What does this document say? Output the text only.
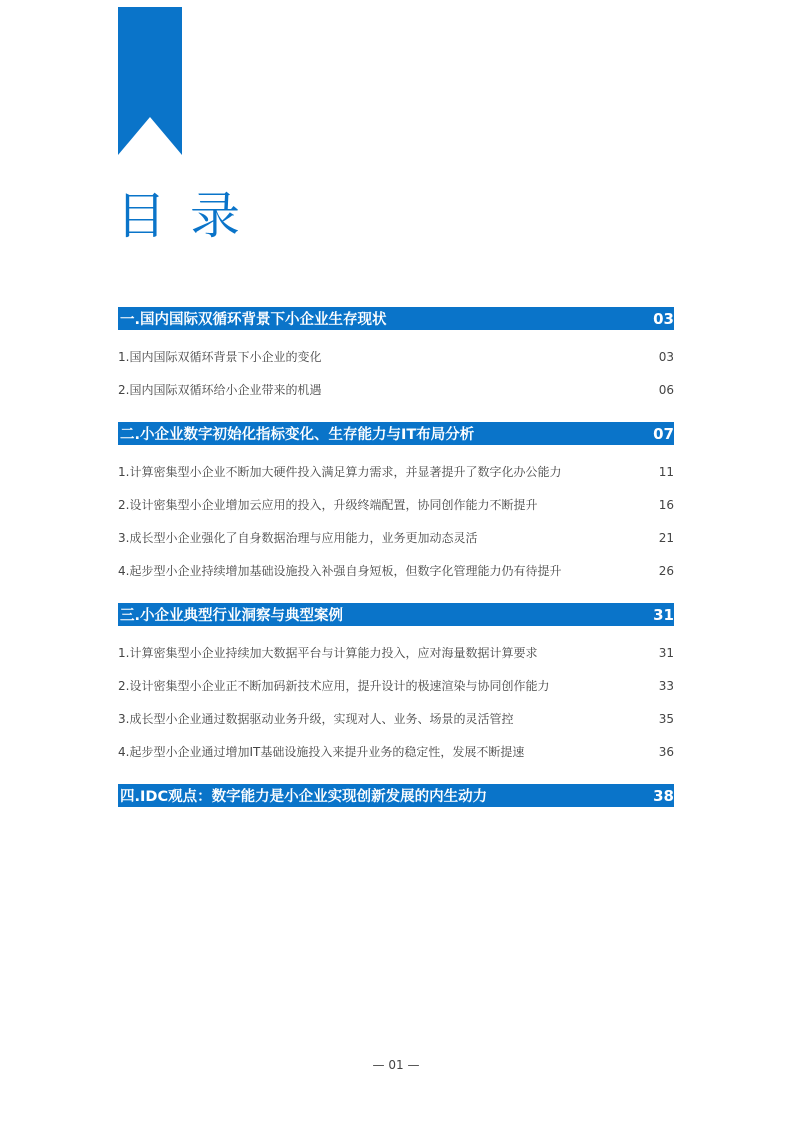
目录
一.国内国际双循环背景下小企业生存现状	03
1.国内国际双循环背景下小企业的变化	03
2.国内国际双循环给小企业带来的机遇	06
二.小企业数字初始化指标变化、生存能力与IT布局分析	07
1.计算密集型小企业不断加大硬件投入满足算力需求，并显著提升了数字化办公能力	11
2.设计密集型小企业增加云应用的投入，升级终端配置，协同创作能力不断提升	16
3.成长型小企业强化了自身数据治理与应用能力，业务更加动态灵活	21
4.起步型小企业持续增加基础设施投入补强自身短板，但数字化管理能力仍有待提升	26
三.小企业典型行业洞察与典型案例	31
1.计算密集型小企业持续加大数据平台与计算能力投入，应对海量数据计算要求	31
2.设计密集型小企业正不断加码新技术应用，提升设计的极速渲染与协同创作能力	33
3.成长型小企业通过数据驱动业务升级，实现对人、业务、场景的灵活管控	35
4.起步型小企业通过增加IT基础设施投入来提升业务的稳定性，发展不断提速	36
四.IDC观点：数字能力是小企业实现创新发展的内生动力	38
— 01 —
